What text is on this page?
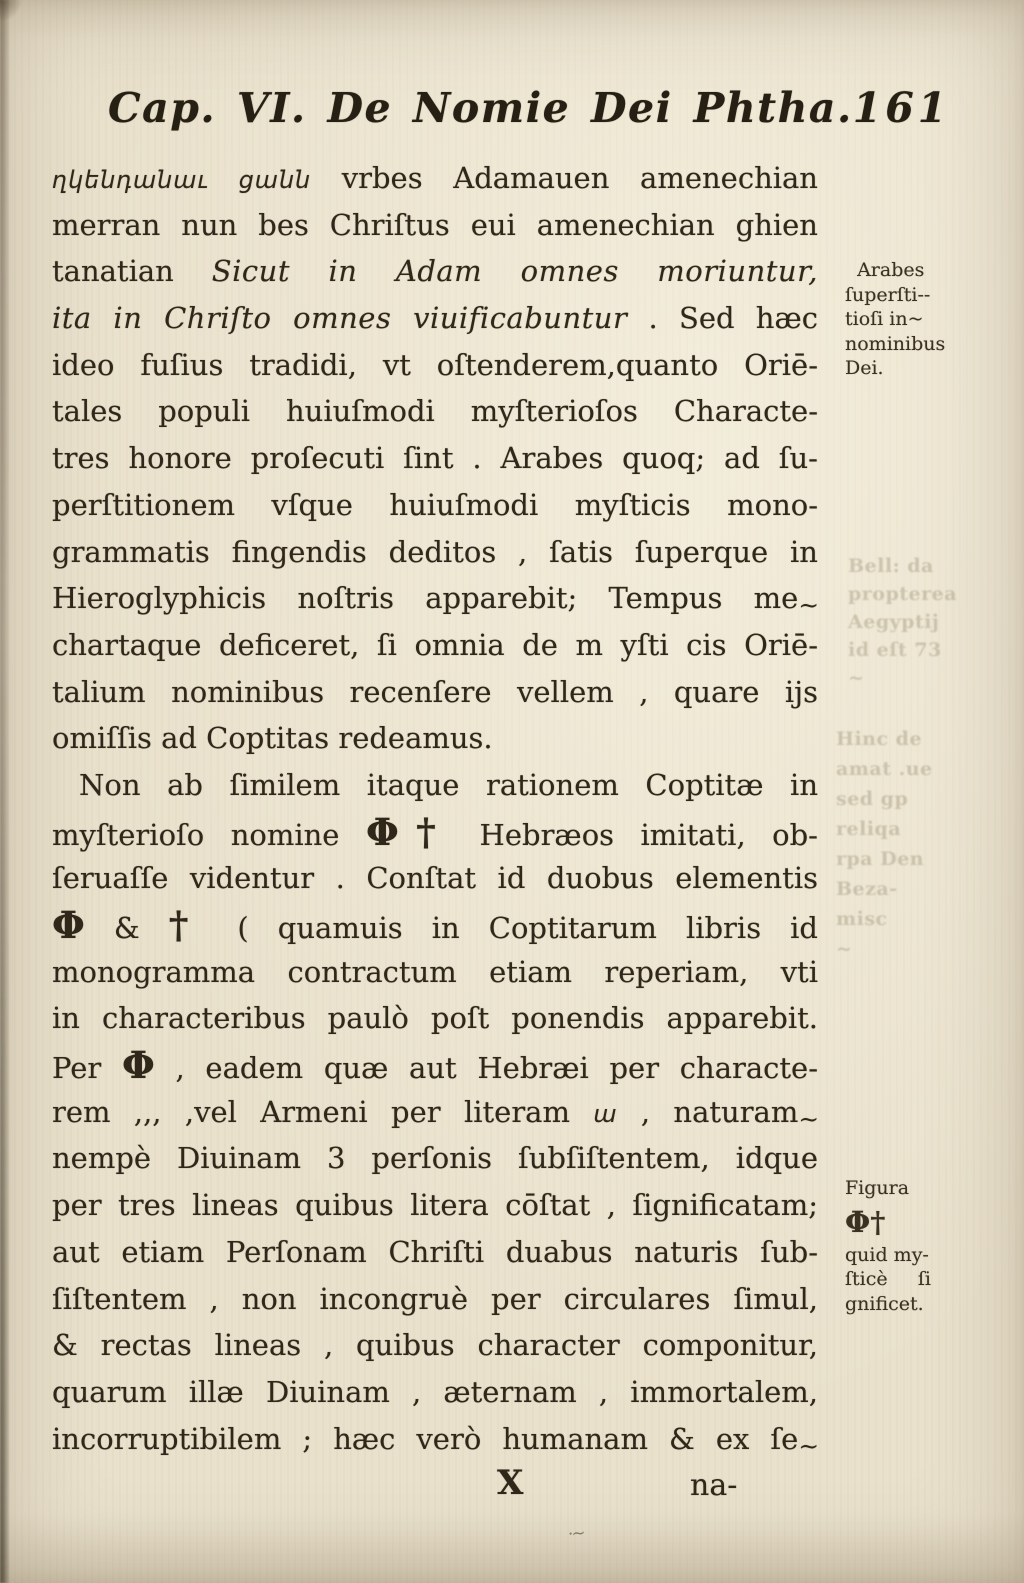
Cap. VI. De Nomie Dei Phtha. 161
ղկենդանաւ ցանն vrbes Adamauen amenechian
merran nun bes Chriſtus eui amenechian ghien
tanatian Sicut in Adam omnes moriuntur,
ita in Chriſto omnes viuificabuntur . Sed hæc
ideo fuſius tradidi, vt oſtenderem,quanto Oriē-
tales populi huiuſmodi myſterioſos Characte-
tres honore proſecuti ſint . Arabes quoq; ad ſu-
perſtitionem vſque huiuſmodi myſticis mono-
grammatis fingendis deditos , ſatis ſuperque in
Hieroglyphicis noſtris apparebit; Tempus me~
chartaque deficeret, ſi omnia de m yſti cis Oriē-
talium nominibus recenſere vellem , quare ijs
omiſſis ad Coptitas redeamus.
Non ab ſimilem itaque rationem Coptitæ in
myſterioſo nomine Φ† Hebræos imitati, ob-
ſeruaſſe videntur . Conſtat id duobus elementis
Φ & † ( quamuis in Coptitarum libris id
monogramma contractum etiam reperiam, vti
in characteribus paulò poſt ponendis apparebit.
Per Φ , eadem quæ aut Hebræi per characte-
rem ,,, ,vel Armeni per literam ա , naturam~
nempè Diuinam 3 perſonis ſubſiſtentem, idque
per tres lineas quibus litera cōſtat , ſignificatam;
aut etiam Perſonam Chriſti duabus naturis ſub-
ſiſtentem , non incongruè per circulares ſimul,
& rectas lineas , quibus character componitur,
quarum illæ Diuinam , æternam , immortalem,
incorruptibilem ; hæc verò humanam & ex ſe~
Arabes
ſuperſti--
tioſi in~
nominibus
Dei.
Figura
Φ†
quid my-
ſticè     ſi
gnificet.
Bell: da
propterea
Aegyptij
id eſt 73
~
Hinc de
amat .ue
sed gp
reliqa
rpa Den
Beza-
misc
~
X	na-
·~
